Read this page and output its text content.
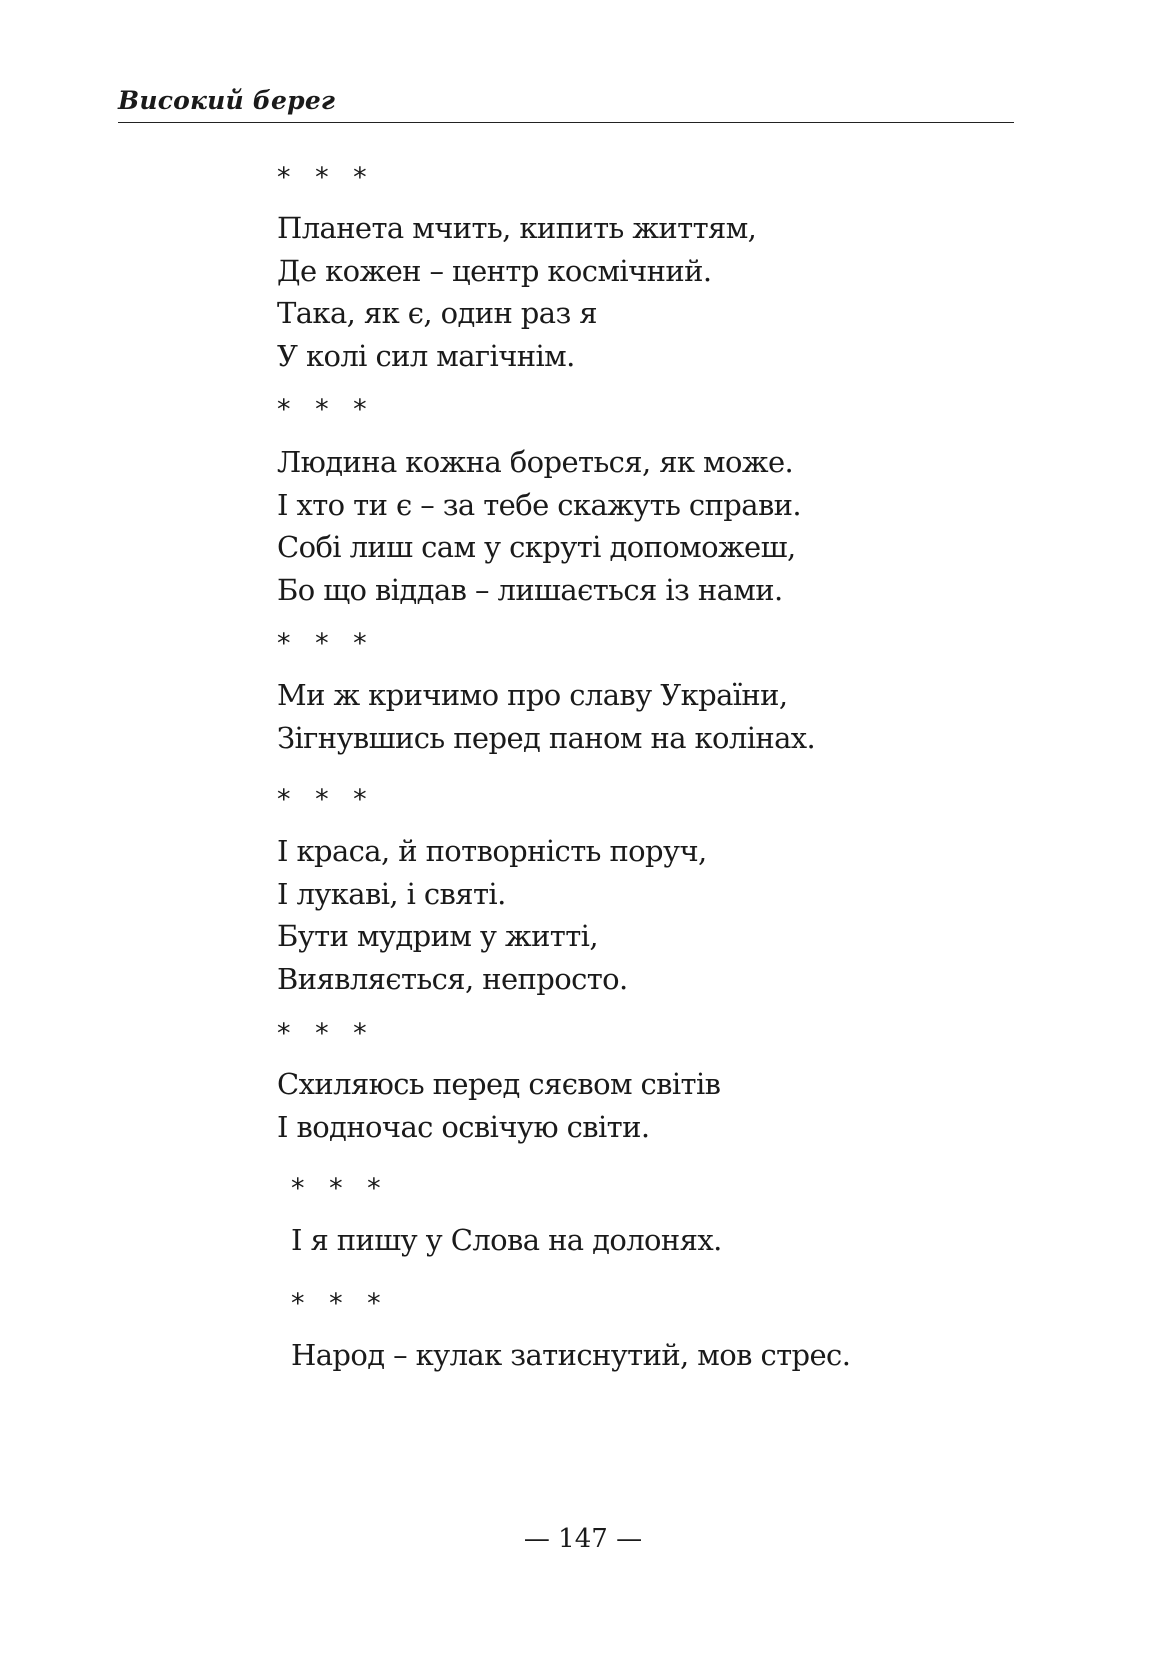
Високий берег
* * *
Планета мчить, кипить життям,
Де кожен – центр космічний.
Така, як є, один раз я
У колі сил магічнім.
* * *
Людина кожна бореться, як може.
І хто ти є – за тебе скажуть справи.
Собі лиш сам у скруті допоможеш,
Бо що віддав – лишається із нами.
* * *
Ми ж кричимо про славу України,
Зігнувшись перед паном на колінах.
* * *
І краса, й потворність поруч,
І лукаві, і святі.
Бути мудрим у житті,
Виявляється, непросто.
* * *
Схиляюсь перед сяєвом світів
І водночас освічую світи.
* * *
І я пишу у Слова на долонях.
* * *
Народ – кулак затиснутий, мов стрес.
— 147 —
